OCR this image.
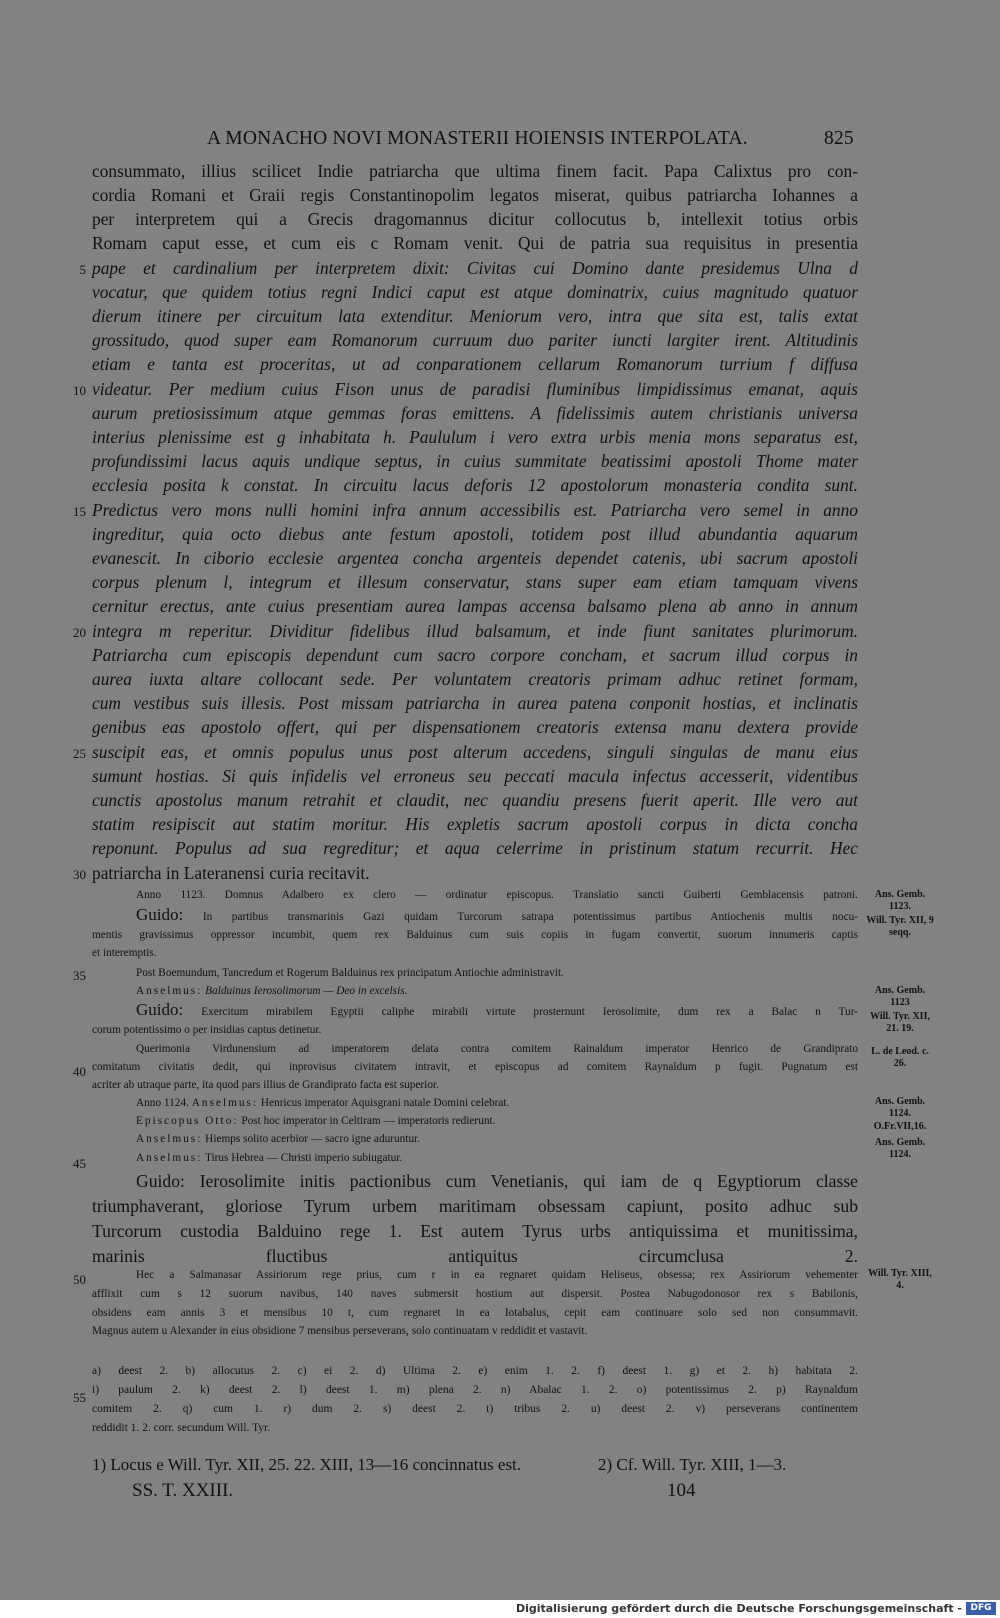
A MONACHO NOVI MONASTERII HOIENSIS INTERPOLATA.	825
consummato, illius scilicet Indie patriarcha que ultima finem facit. Papa Calixtus pro con-
cordia Romani et Graii regis Constantinopolim legatos miserat, quibus patriarcha Iohannes a
per interpretem qui a Grecis dragomannus dicitur collocutus b, intellexit totius orbis
Romam caput esse, et cum eis c Romam venit. Qui de patria sua requisitus in presentia
pape et cardinalium per interpretem dixit: Civitas cui Domino dante presidemus Ulna d
vocatur, que quidem totius regni Indici caput est atque dominatrix, cuius magnitudo quatuor
dierum itinere per circuitum lata extenditur. Meniorum vero, intra que sita est, talis extat
grossitudo, quod super eam Romanorum curruum duo pariter iuncti largiter irent. Altitudinis
etiam e tanta est proceritas, ut ad conparationem cellarum Romanorum turrium f diffusa
videatur. Per medium cuius Fison unus de paradisi fluminibus limpidissimus emanat, aquis
aurum pretiosissimum atque gemmas foras emittens. A fidelissimis autem christianis universa
interius plenissime est g inhabitata h. Paululum i vero extra urbis menia mons separatus est,
profundissimi lacus aquis undique septus, in cuius summitate beatissimi apostoli Thome mater
ecclesia posita k constat. In circuitu lacus deforis 12 apostolorum monasteria condita sunt.
Predictus vero mons nulli homini infra annum accessibilis est. Patriarcha vero semel in anno
ingreditur, quia octo diebus ante festum apostoli, totidem post illud abundantia aquarum
evanescit. In ciborio ecclesie argentea concha argenteis dependet catenis, ubi sacrum apostoli
corpus plenum l, integrum et illesum conservatur, stans super eam etiam tamquam vivens
cernitur erectus, ante cuius presentiam aurea lampas accensa balsamo plena ab anno in annum
integra m reperitur. Dividitur fidelibus illud balsamum, et inde fiunt sanitates plurimorum.
Patriarcha cum episcopis dependunt cum sacro corpore concham, et sacrum illud corpus in
aurea iuxta altare collocant sede. Per voluntatem creatoris primam adhuc retinet formam,
cum vestibus suis illesis. Post missam patriarcha in aurea patena conponit hostias, et inclinatis
genibus eas apostolo offert, qui per dispensationem creatoris extensa manu dextera provide
suscipit eas, et omnis populus unus post alterum accedens, singuli singulas de manu eius
sumunt hostias. Si quis infidelis vel erroneus seu peccati macula infectus accesserit, videntibus
cunctis apostolus manum retrahit et claudit, nec quandiu presens fuerit aperit. Ille vero aut
statim resipiscit aut statim moritur. His expletis sacrum apostoli corpus in dicta concha
reponunt. Populus ad sua regreditur; et aqua celerrime in pristinum statum recurrit. Hec
patriarcha in Lateranensi curia recitavit.
5
10
15
20
25
30
35
40
45
50
55
Anno 1123. Domnus Adalbero ex clero — ordinatur episcopus. Translatio sancti Guiberti Gemblacensis patroni.
Guido: In partibus transmarinis Gazi quidam Turcorum satrapa potentissimus partibus Antiochenis multis nocu-
mentis gravissimus oppressor incumbit, quem rex Balduinus cum suis copiis in fugam convertit, suorum innumeris captis
et interemptis.
Post Boemundum, Tancredum et Rogerum Balduinus rex principatum Antiochie administravit.
Anselmus: Balduinus Ierosolimorum — Deo in excelsis.
Guido: Exercitum mirabilem Egyptii caliphe mirabili virtute prosternunt Ierosolimite, dum rex a Balac n Tur-
corum potentissimo o per insidias captus detinetur.
Querimonia Virdunensium ad imperatorem delata contra comitem Rainaldum imperator Henrico de Grandiprato
comitatum civitatis dedit, qui inprovisus civitatem intravit, et episcopus ad comitem Raynaldum p fugit. Pugnatum est
acriter ab utraque parte, ita quod pars illius de Grandiprato facta est superior.
Anno 1124. Anselmus: Henricus imperator Aquisgrani natale Domini celebrat.
Episcopus Otto: Post hoc imperator in Celtiram — imperatoris redierunt.
Anselmus: Hiemps solito acerbior — sacro igne aduruntur.
Anselmus: Tirus Hebrea — Christi imperio subiugatur.
Guido: Ierosolimite initis pactionibus cum Venetianis, qui iam de q Egyptiorum classe
triumphaverant, gloriose Tyrum urbem maritimam obsessam capiunt, posito adhuc sub
Turcorum custodia Balduino rege 1. Est autem Tyrus urbs antiquissima et munitissima,
marinis fluctibus antiquitus circumclusa 2.
Hec a Salmanasar Assiriorum rege prius, cum r in ea regnaret quidam Heliseus, obsessa; rex Assiriorum vehementer
afflixit cum s 12 suorum navibus, 140 naves submersit hostium aut dispersit. Postea Nabugodonosor rex s Babilonis,
obsidens eam annis 3 et mensibus 10 t, cum regnaret in ea Iotabalus, cepit eam continuare solo sed non consummavit.
Magnus autem u Alexander in eius obsidione 7 mensibus perseverans, solo continuatam v reddidit et vastavit.
Ans. Gemb. 1123.
Will. Tyr. XII, 9 seqq.
Ans. Gemb. 1123
Will. Tyr. XII, 21. 19.
L. de Leod. c. 26.
Ans. Gemb. 1124.
O.Fr.VII,16.
Ans. Gemb. 1124.
Will. Tyr. XIII, 4.
a) deest 2. b) allocutus 2. c) ei 2. d) Ultima 2. e) enim 1. 2. f) deest 1. g) et 2. h) habitata 2.
i) paulum 2. k) deest 2. l) deest 1. m) plena 2. n) Abalac 1. 2. o) potentissimus 2. p) Raynaldum
comitem 2. q) cum 1. r) dum 2. s) deest 2. t) tribus 2. u) deest 2. v) perseverans continentem
reddidit 1. 2. corr. secundum Will. Tyr.
1) Locus e Will. Tyr. XII, 25. 22. XIII, 13—16 concinnatus est.	2) Cf. Will. Tyr. XIII, 1—3.
SS. T. XXIII.	104
Digitalisierung gefördert durch die Deutsche Forschungsgemeinschaft - DFG
